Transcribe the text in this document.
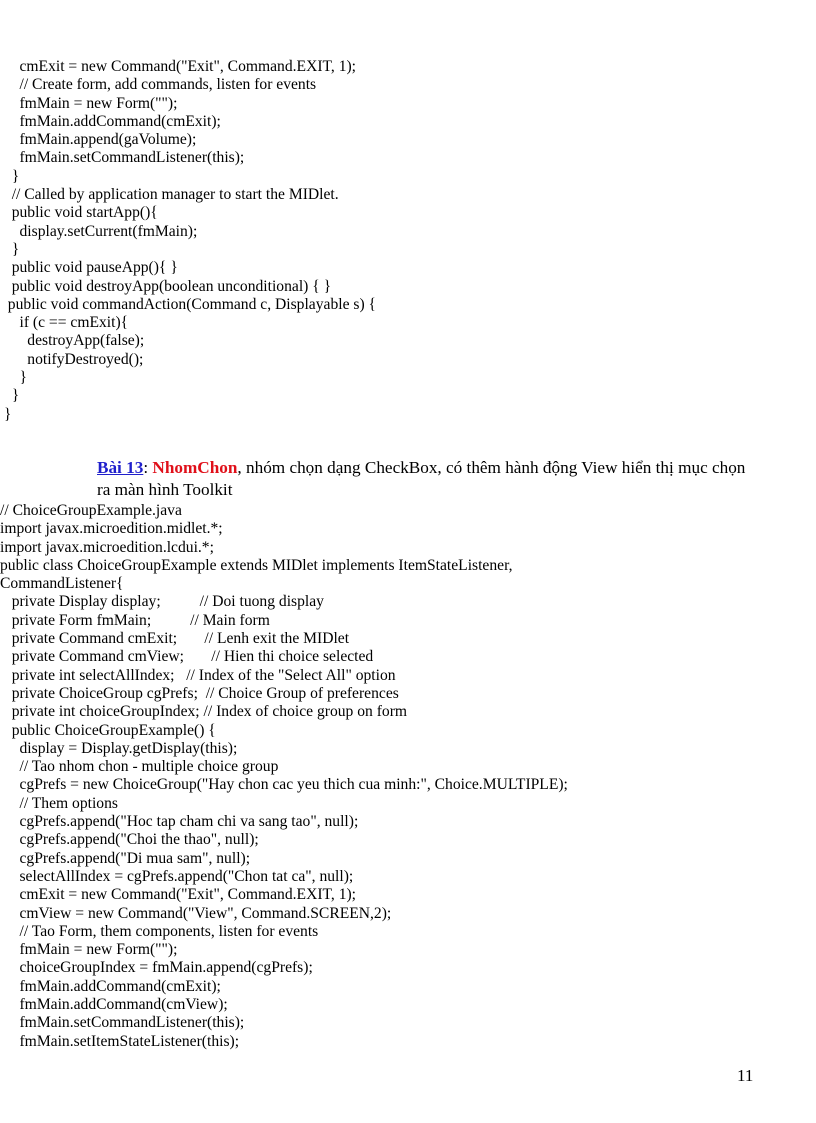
cmExit = new Command("Exit", Command.EXIT, 1);
// Create form, add commands, listen for events
fmMain = new Form("");
fmMain.addCommand(cmExit);
fmMain.append(gaVolume);
fmMain.setCommandListener(this);
}
// Called by application manager to start the MIDlet.
public void startApp(){
display.setCurrent(fmMain);
}
public void pauseApp(){ }
public void destroyApp(boolean unconditional) { }
public void commandAction(Command c, Displayable s) {
if (c == cmExit){
destroyApp(false);
notifyDestroyed();
}
}
}
Bài 13: NhomChon, nhóm chọn dạng CheckBox, có thêm hành động View hiển thị mục chọn ra màn hình Toolkit
// ChoiceGroupExample.java
import javax.microedition.midlet.*;
import javax.microedition.lcdui.*;
public class ChoiceGroupExample extends MIDlet implements ItemStateListener,
CommandListener{
private Display display;          // Doi tuong display
private Form fmMain;          // Main form
private Command cmExit;       // Lenh exit the MIDlet
private Command cmView;       // Hien thi choice selected
private int selectAllIndex;   // Index of the "Select All" option
private ChoiceGroup cgPrefs;  // Choice Group of preferences
private int choiceGroupIndex; // Index of choice group on form
public ChoiceGroupExample() {
display = Display.getDisplay(this);
// Tao nhom chon - multiple choice group
cgPrefs = new ChoiceGroup("Hay chon cac yeu thich cua minh:", Choice.MULTIPLE);
// Them options
cgPrefs.append("Hoc tap cham chi va sang tao", null);
cgPrefs.append("Choi the thao", null);
cgPrefs.append("Di mua sam", null);
selectAllIndex = cgPrefs.append("Chon tat ca", null);
cmExit = new Command("Exit", Command.EXIT, 1);
cmView = new Command("View", Command.SCREEN,2);
// Tao Form, them components, listen for events
fmMain = new Form("");
choiceGroupIndex = fmMain.append(cgPrefs);
fmMain.addCommand(cmExit);
fmMain.addCommand(cmView);
fmMain.setCommandListener(this);
fmMain.setItemStateListener(this);
11
